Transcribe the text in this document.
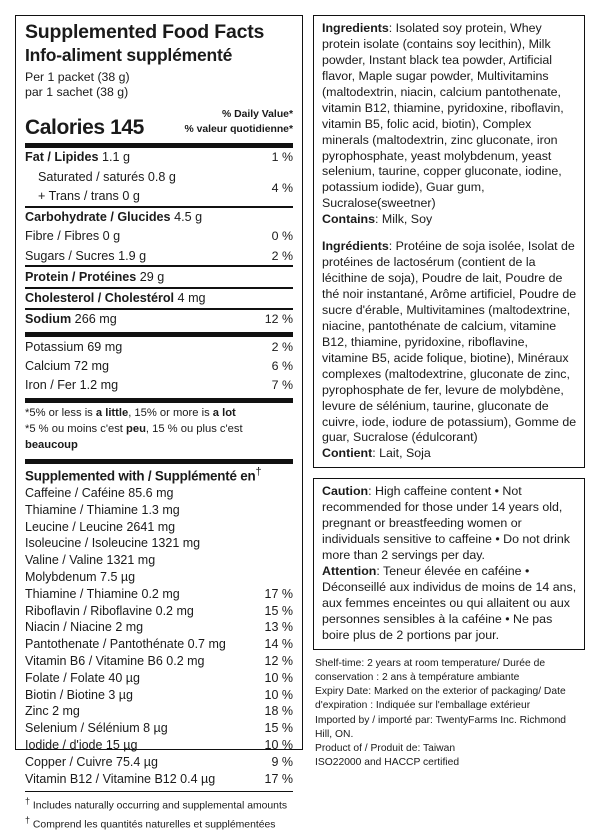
Supplemented Food Facts
Info-aliment supplémenté
Per 1 packet (38 g)
par 1 sachet (38 g)
Calories 145
% Daily Value*
% valeur quotidienne*
Fat / Lipides 1.1 g	1 %
Saturated / saturés 0.8 g
4 %
+ Trans / trans 0 g
Carbohydrate / Glucides 4.5 g
Fibre / Fibres 0 g	0 %
Sugars / Sucres 1.9 g	2 %
Protein / Protéines 29 g
Cholesterol / Cholestérol 4 mg
Sodium 266 mg	12 %
Potassium 69 mg	2 %
Calcium 72 mg	6 %
Iron / Fer 1.2 mg	7 %
*5% or less is a little, 15% or more is a lot
*5 % ou moins c'est peu, 15 % ou plus c'est beaucoup
Supplemented with / Supplémenté en†
Caffeine / Caféine 85.6 mg
Thiamine / Thiamine 1.3 mg
Leucine / Leucine 2641 mg
Isoleucine / Isoleucine 1321 mg
Valine / Valine 1321 mg
Molybdenum 7.5 µg
Thiamine / Thiamine 0.2 mg	17 %
Riboflavin / Riboflavine 0.2 mg	15 %
Niacin / Niacine 2 mg	13 %
Pantothenate / Pantothénate 0.7 mg	14 %
Vitamin B6 / Vitamine B6 0.2 mg	12 %
Folate / Folate 40 µg	10 %
Biotin / Biotine 3 µg	10 %
Zinc 2 mg	18 %
Selenium / Sélénium 8 µg	15 %
Iodide / d'iode 15 µg	10 %
Copper / Cuivre 75.4 µg	9 %
Vitamin B12 / Vitamine B12 0.4 µg	17 %
† Includes naturally occurring and supplemental amounts
† Comprend les quantités naturelles et supplémentées

Ingredients: Isolated soy protein, Whey protein isolate (contains soy lecithin), Milk powder, Instant black tea powder, Artificial flavor, Maple sugar powder, Multivitamins (maltodextrin, niacin, calcium pantothenate, vitamin B12, thiamine, pyridoxine, riboflavin, vitamin B5, folic acid, biotin), Complex minerals (maltodextrin, zinc gluconate, iron pyrophosphate, yeast molybdenum, yeast selenium, taurine, copper gluconate, iodine, potassium iodide), Guar gum, Sucralose(sweetner)

Contains: Milk, Soy

Ingrédients: Protéine de soja isolée, Isolat de protéines de lactosérum (contient de la lécithine de soja), Poudre de lait, Poudre de thé noir instantané, Arôme artificiel, Poudre de sucre d'érable, Multivitamines (maltodextrine, niacine, pantothénate de calcium, vitamine B12, thiamine, pyridoxine, riboflavine, vitamine B5, acide folique, biotine), Minéraux complexes (maltodextrine, gluconate de zinc, pyrophosphate de fer, levure de molybdène, levure de sélénium, taurine, gluconate de cuivre, iode, iodure de potassium), Gomme de guar, Sucralose (édulcorant)

Contient: Lait, Soja

Caution: High caffeine content • Not recommended for those under 14 years old, pregnant or breastfeeding women or individuals sensitive to caffeine • Do not drink more than 2 servings per day.

Attention: Teneur élevée en caféine • Déconseillé aux individus de moins de 14 ans, aux femmes enceintes ou qui allaitent ou aux personnes sensibles à la caféine • Ne pas boire plus de 2 portions par jour.

Shelf-time: 2 years at room temperature/ Durée de conservation : 2 ans à température ambiante

Expiry Date: Marked on the exterior of packaging/ Date d'expiration : Indiquée sur l'emballage extérieur

Imported by / importé par: TwentyFarms Inc. Richmond Hill, ON.

Product of / Produit de: Taiwan

ISO22000 and HACCP certified
